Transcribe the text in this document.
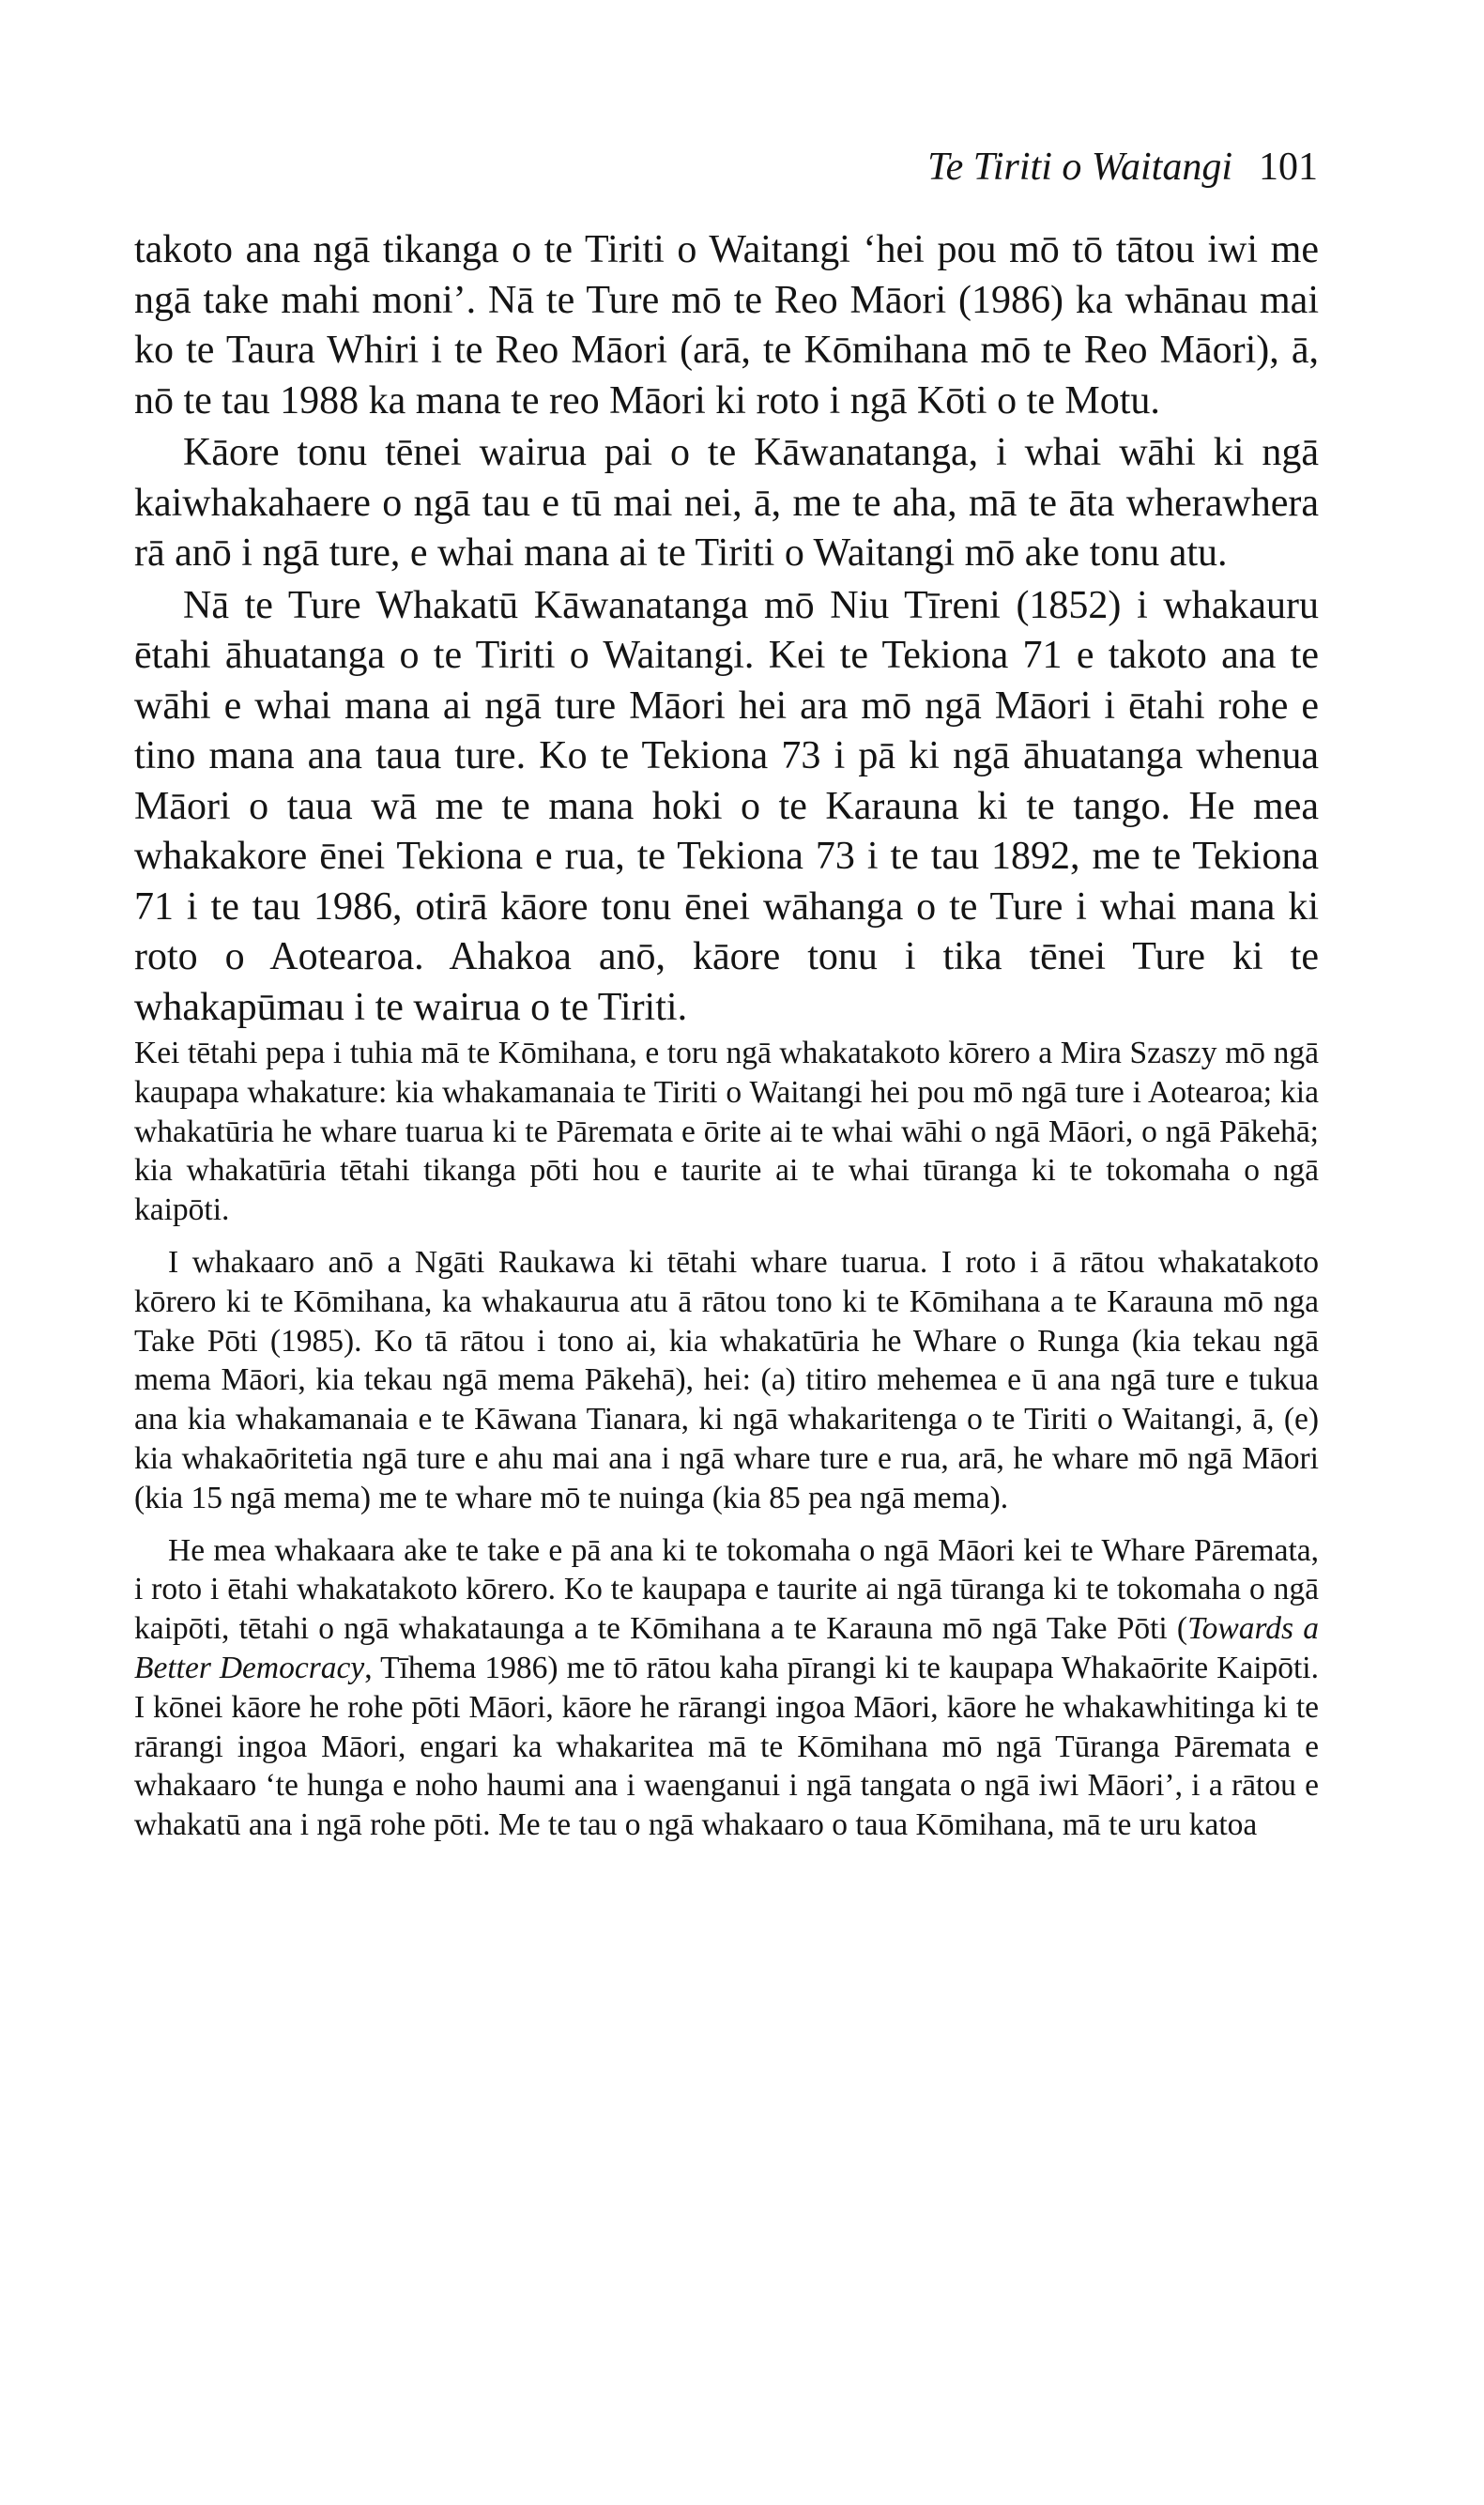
Te Tiriti o Waitangi 101

takoto ana ngā tikanga o te Tiriti o Waitangi ‘hei pou mō tō tātou iwi me ngā take mahi moni’. Nā te Ture mō te Reo Māori (1986) ka whānau mai ko te Taura Whiri i te Reo Māori (arā, te Kōmihana mō te Reo Māori), ā, nō te tau 1988 ka mana te reo Māori ki roto i ngā Kōti o te Motu.

Kāore tonu tēnei wairua pai o te Kāwanatanga, i whai wāhi ki ngā kaiwhakahaere o ngā tau e tū mai nei, ā, me te aha, mā te āta wherawhera rā anō i ngā ture, e whai mana ai te Tiriti o Waitangi mō ake tonu atu.

Nā te Ture Whakatū Kāwanatanga mō Niu Tīreni (1852) i whakauru ētahi āhuatanga o te Tiriti o Waitangi. Kei te Tekiona 71 e takoto ana te wāhi e whai mana ai ngā ture Māori hei ara mō ngā Māori i ētahi rohe e tino mana ana taua ture. Ko te Tekiona 73 i pā ki ngā āhuatanga whenua Māori o taua wā me te mana hoki o te Karauna ki te tango. He mea whakakore ēnei Tekiona e rua, te Tekiona 73 i te tau 1892, me te Tekiona 71 i te tau 1986, otirā kāore tonu ēnei wāhanga o te Ture i whai mana ki roto o Aotearoa. Ahakoa anō, kāore tonu i tika tēnei Ture ki te whakapūmau i te wairua o te Tiriti.

Kei tētahi pepa i tuhia mā te Kōmihana, e toru ngā whakatakoto kōrero a Mira Szaszy mō ngā kaupapa whakature: kia whakamanaia te Tiriti o Waitangi hei pou mō ngā ture i Aotearoa; kia whakatūria he whare tuarua ki te Pāremata e ōrite ai te whai wāhi o ngā Māori, o ngā Pākehā; kia whakatūria tētahi tikanga pōti hou e taurite ai te whai tūranga ki te tokomaha o ngā kaipōti.

I whakaaro anō a Ngāti Raukawa ki tētahi whare tuarua. I roto i ā rātou whakatakoto kōrero ki te Kōmihana, ka whakaurua atu ā rātou tono ki te Kōmihana a te Karauna mō nga Take Pōti (1985). Ko tā rātou i tono ai, kia whakatūria he Whare o Runga (kia tekau ngā mema Māori, kia tekau ngā mema Pākehā), hei: (a) titiro mehemea e ū ana ngā ture e tukua ana kia whakamanaia e te Kāwana Tianara, ki ngā whakaritenga o te Tiriti o Waitangi, ā, (e) kia whakaōritetia ngā ture e ahu mai ana i ngā whare ture e rua, arā, he whare mō ngā Māori (kia 15 ngā mema) me te whare mō te nuinga (kia 85 pea ngā mema).

He mea whakaara ake te take e pā ana ki te tokomaha o ngā Māori kei te Whare Pāremata, i roto i ētahi whakatakoto kōrero. Ko te kaupapa e taurite ai ngā tūranga ki te tokomaha o ngā kaipōti, tētahi o ngā whakataunga a te Kōmihana a te Karauna mō ngā Take Pōti (Towards a Better Democracy, Tīhema 1986) me tō rātou kaha pīrangi ki te kaupapa Whakaōrite Kaipōti. I kōnei kāore he rohe pōti Māori, kāore he rārangi ingoa Māori, kāore he whakawhitinga ki te rārangi ingoa Māori, engari ka whakaritea mā te Kōmihana mō ngā Tūranga Pāremata e whakaaro ‘te hunga e noho haumi ana i waenganui i ngā tangata o ngā iwi Māori’, i a rātou e whakatū ana i ngā rohe pōti. Me te tau o ngā whakaaro o taua Kōmihana, mā te uru katoa
